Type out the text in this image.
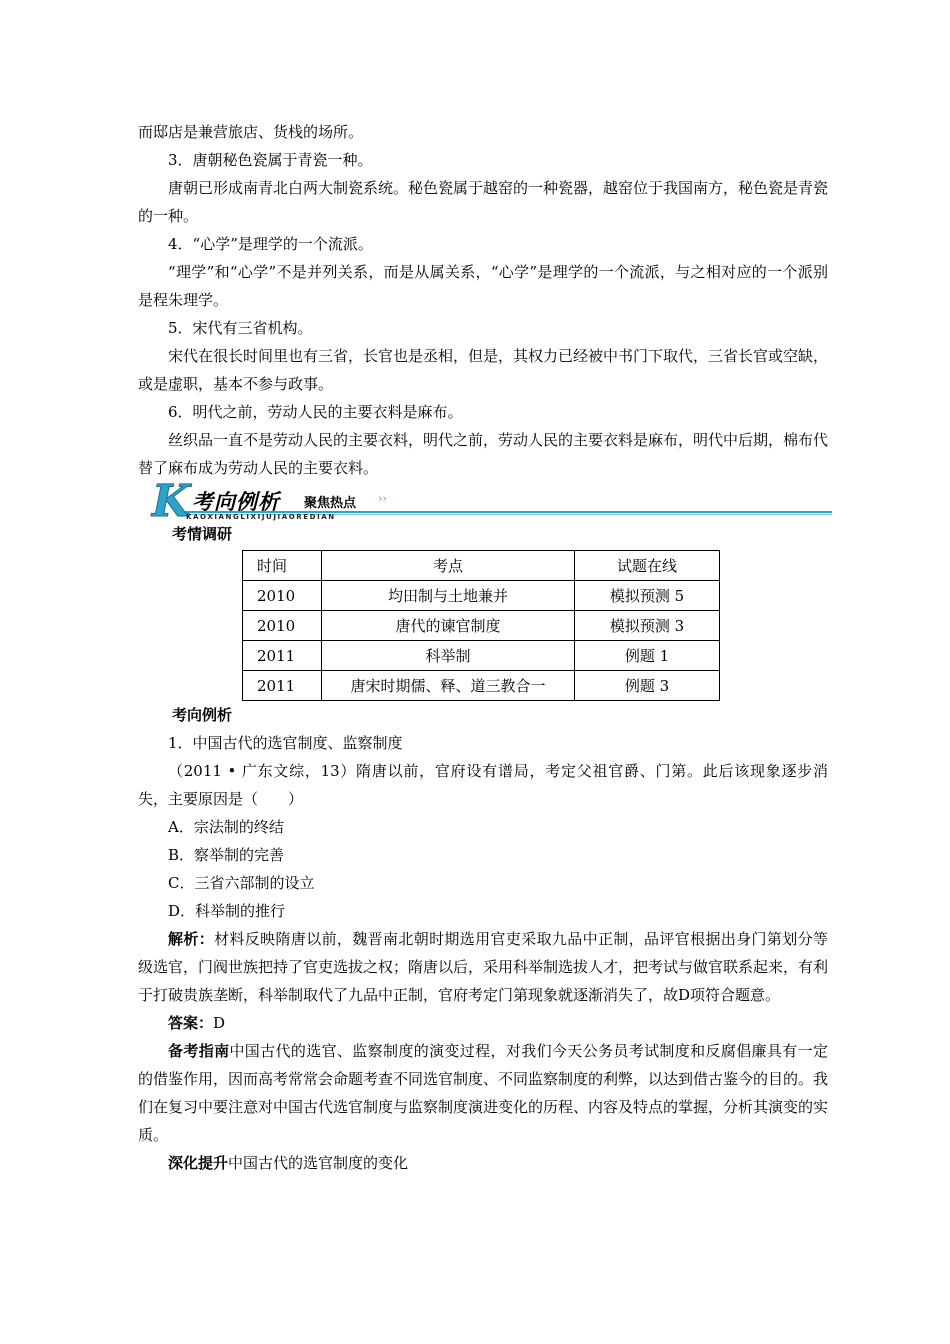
而邸店是兼营旅店、货栈的场所。

3．唐朝秘色瓷属于青瓷一种。

唐朝已形成南青北白两大制瓷系统。秘色瓷属于越窑的一种瓷器，越窑位于我国南方，秘色瓷是青瓷的一种。

4．“心学”是理学的一个流派。

“理学”和“心学”不是并列关系，而是从属关系，“心学”是理学的一个流派，与之相对应的一个派别是程朱理学。

5．宋代有三省机构。

宋代在很长时间里也有三省，长官也是丞相，但是，其权力已经被中书门下取代，三省长官或空缺，或是虚职，基本不参与政事。

6．明代之前，劳动人民的主要衣料是麻布。

丝织品一直不是劳动人民的主要衣料，明代之前，劳动人民的主要衣料是麻布，明代中后期，棉布代替了麻布成为劳动人民的主要衣料。

K 考向例析 聚焦热点 ››
KAOXIANGLIXIJUJIAOREDIAN

考情调研

时间	考点	试题在线
2010	均田制与土地兼并	模拟预测 5
2010	唐代的谏官制度	模拟预测 3
2011	科举制	例题 1
2011	唐宋时期儒、释、道三教合一	例题 3

考向例析

1．中国古代的选官制度、监察制度

（2011 • 广东文综，13）隋唐以前，官府设有谱局，考定父祖官爵、门第。此后该现象逐步消失，主要原因是（　　）

A．宗法制的终结

B．察举制的完善

C．三省六部制的设立

D．科举制的推行

解析：材料反映隋唐以前，魏晋南北朝时期选用官吏采取九品中正制，品评官根据出身门第划分等级选官，门阀世族把持了官吏选拔之权；隋唐以后，采用科举制选拔人才，把考试与做官联系起来，有利于打破贵族垄断，科举制取代了九品中正制，官府考定门第现象就逐渐消失了，故D项符合题意。

答案：D

备考指南中国古代的选官、监察制度的演变过程，对我们今天公务员考试制度和反腐倡廉具有一定的借鉴作用，因而高考常常会命题考查不同选官制度、不同监察制度的利弊，以达到借古鉴今的目的。我们在复习中要注意对中国古代选官制度与监察制度演进变化的历程、内容及特点的掌握，分析其演变的实质。

深化提升中国古代的选官制度的变化
